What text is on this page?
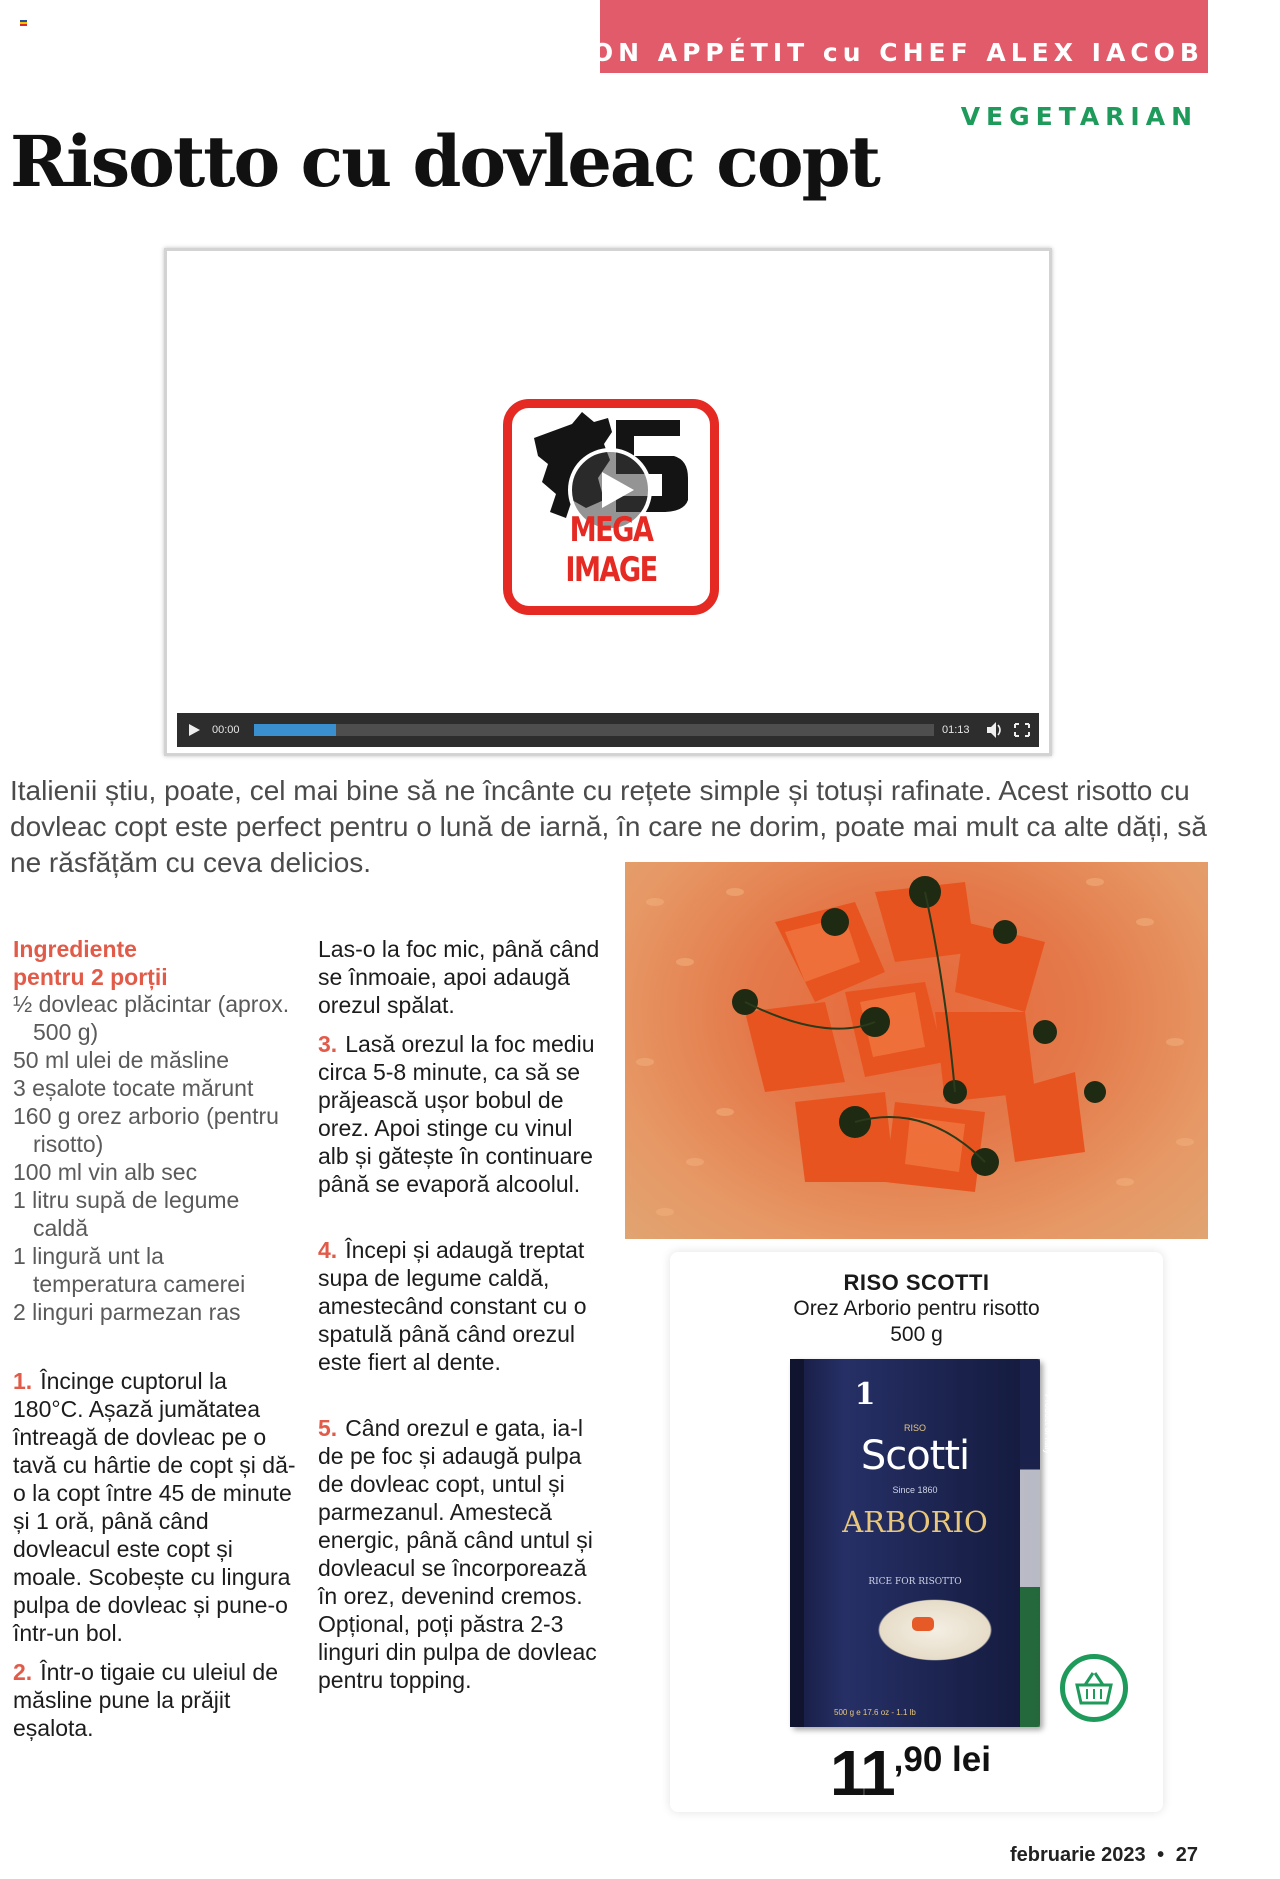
BON APPÉTIT cu CHEF ALEX IACOB
VEGETARIAN
Risotto cu dovleac copt
MEGA IMAGE
00:00	01:13
Italienii știu, poate, cel mai bine să ne încânte cu rețete simple și totuși rafinate. Acest risotto cu dovleac copt este perfect pentru o lună de iarnă, în care ne dorim, poate mai mult ca alte dăți, să ne răsfățăm cu ceva delicios.
Ingrediente pentru 2 porții
½ dovleac plăcintar (aprox. 500 g)
50 ml ulei de măsline
3 eșalote tocate mărunt
160 g orez arborio (pentru risotto)
100 ml vin alb sec
1 litru supă de legume caldă
1 lingură unt la temperatura camerei
2 linguri parmezan ras
1. Încinge cuptorul la 180°C. Așază jumătatea întreagă de dovleac pe o tavă cu hârtie de copt și dă-o la copt între 45 de minute și 1 oră, până când dovleacul este copt și moale. Scobește cu lingura pulpa de dovleac și pune-o într-un bol.
2. Într-o tigaie cu uleiul de măsline pune la prăjit eșalota.
Las-o la foc mic, până când se înmoaie, apoi adaugă orezul spălat.
3. Lasă orezul la foc mediu circa 5-8 minute, ca să se prăjească ușor bobul de orez. Apoi stinge cu vinul alb și gătește în continuare până se evaporă alcoolul.
4. Începi și adaugă treptat supa de legume caldă, amestecând constant cu o spatulă până când orezul este fiert al dente.
5. Când orezul e gata, ia-l de pe foc și adaugă pulpa de dovleac copt, untul și parmezanul. Amestecă energic, până când untul și dovleacul se încorporează în orez, devenind cremos. Opțional, poți păstra 2-3 linguri din pulpa de dovleac pentru topping.
RISO SCOTTI
Orez Arborio pentru risotto
500 g
1
RISO
Scotti
Since 1860
ARBORIO
RICE FOR RISOTTO
Product of Italy
500 g e 17.6 oz - 1.1 lb
11,90 lei
februarie 2023 • 27
